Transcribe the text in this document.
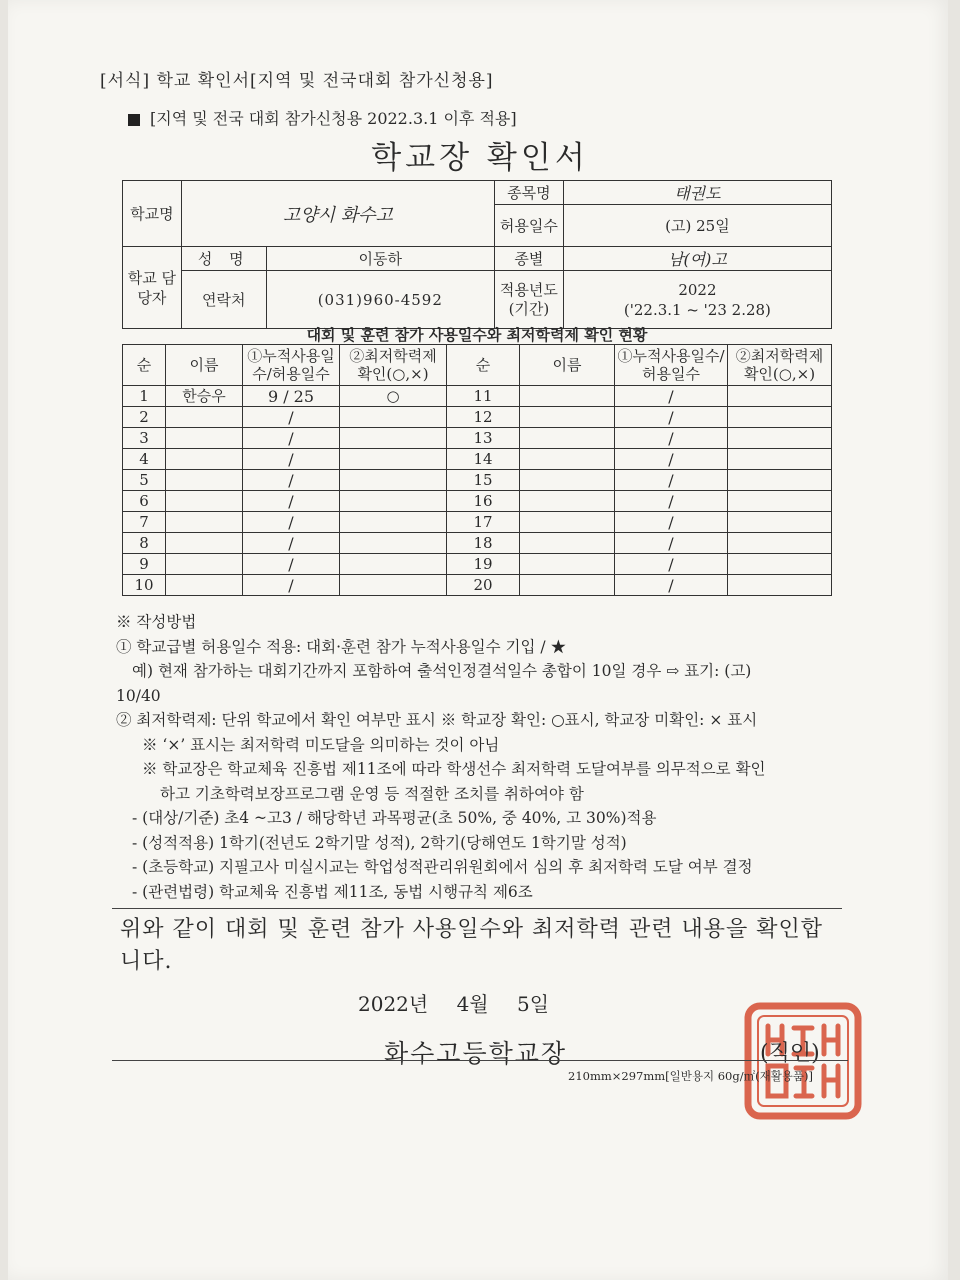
[서식] 학교 확인서[지역 및 전국대회 참가신청용]
[지역 및 전국 대회 참가신청용 2022.3.1 이후 적용]
학교장 확인서
학교명	고양시 화수고		종목명	태권도
			허용일수	(고) 25일

학교 담당자	성 명	이동하	종별	남(여)고
	연락처	(031)960-4592	적용년도 (기간)	2022
('22.3.1 ~ '23 2.28)
대회 및 훈련 참가 사용일수와 최저학력제 확인 현황
순	이름	①누적사용일수/허용일수	②최저학력제 확인(○,×)	순	이름	①누적사용일수/허용일수	②최저학력제 확인(○,×)
1	한승우	9 / 25	○	11		/	
2		/		12		/	
3		/		13		/	
4		/		14		/	
5		/		15		/	
6		/		16		/	
7		/		17		/	
8		/		18		/	
9		/		19		/	
10		/		20		/	
※ 작성방법
① 학교급별 허용일수 적용: 대회·훈련 참가 누적사용일수 기입 / ★
예) 현재 참가하는 대회기간까지 포함하여 출석인정결석일수 총합이 10일 경우 ⇨ 표기: (고)
10/40
② 최저학력제: 단위 학교에서 확인 여부만 표시 ※ 학교장 확인: ○표시, 학교장 미확인: × 표시
※ ‘×’ 표시는 최저학력 미도달을 의미하는 것이 아님
※ 학교장은 학교체육 진흥법 제11조에 따라 학생선수 최저학력 도달여부를 의무적으로 확인
하고 기초학력보장프로그램 운영 등 적절한 조치를 취하여야 함
- (대상/기준) 초4 ~고3 / 해당학년 과목평균(초 50%, 중 40%, 고 30%)적용
- (성적적용) 1학기(전년도 2학기말 성적), 2학기(당해연도 1학기말 성적)
- (초등학교) 지필고사 미실시교는 학업성적관리위원회에서 심의 후 최저학력 도달 여부 결정
- (관련법령) 학교체육 진흥법 제11조, 동법 시행규칙 제6조
위와 같이 대회 및 훈련 참가 사용일수와 최저학력 관련 내용을 확인합니다.
2022년 4월 5일
화수고등학교장	(직인)
210mm×297mm[일반용지 60g/㎡(재활용품)]
